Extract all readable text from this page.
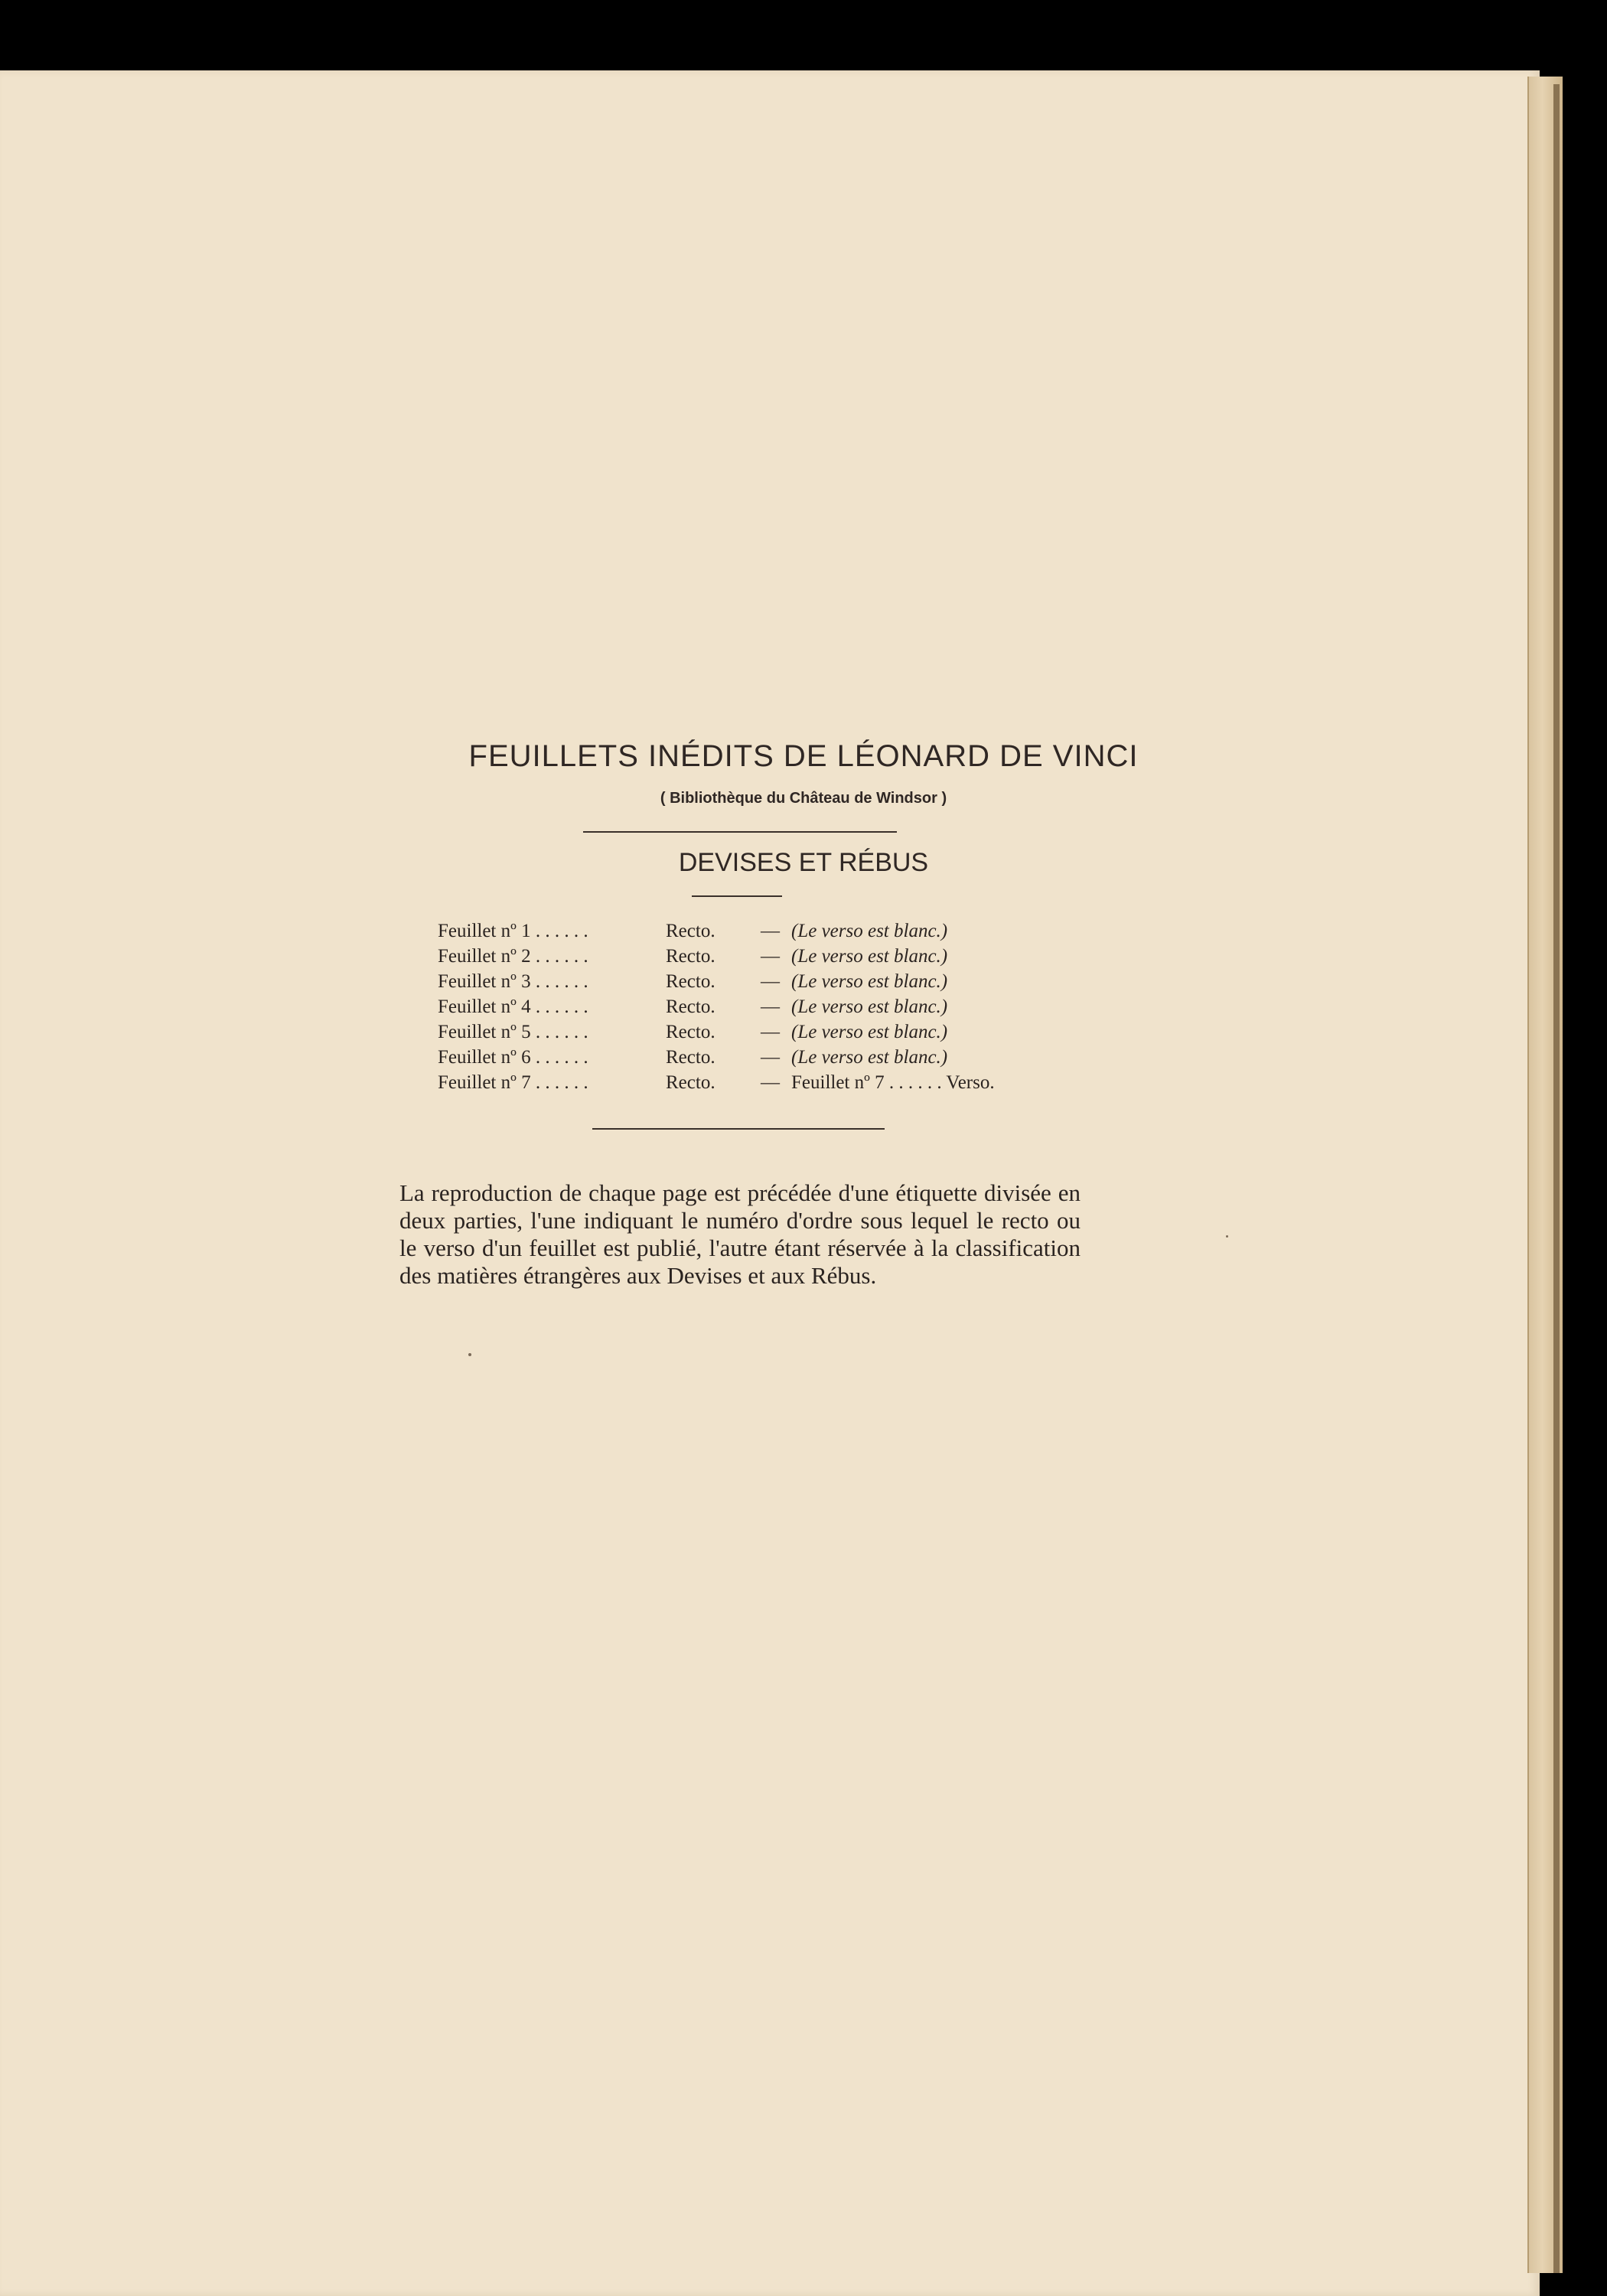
FEUILLETS INÉDITS DE LÉONARD DE VINCI
( Bibliothèque du Château de Windsor )
DEVISES ET RÉBUS
Feuillet nº 1 . . . . . .	Recto.	— (Le verso est blanc.)
Feuillet nº 2 . . . . . .	Recto.	— (Le verso est blanc.)
Feuillet nº 3 . . . . . .	Recto.	— (Le verso est blanc.)
Feuillet nº 4 . . . . . .	Recto.	— (Le verso est blanc.)
Feuillet nº 5 . . . . . .	Recto.	— (Le verso est blanc.)
Feuillet nº 6 . . . . . .	Recto.	— (Le verso est blanc.)
Feuillet nº 7 . . . . . .	Recto.	— Feuillet nº 7 . . . . . . Verso.

La reproduction de chaque page est précédée d'une étiquette divisée en deux parties, l'une indiquant le numéro d'ordre sous lequel le recto ou le verso d'un feuillet est publié, l'autre étant réservée à la classification des matières étrangères aux Devises et aux Rébus.
